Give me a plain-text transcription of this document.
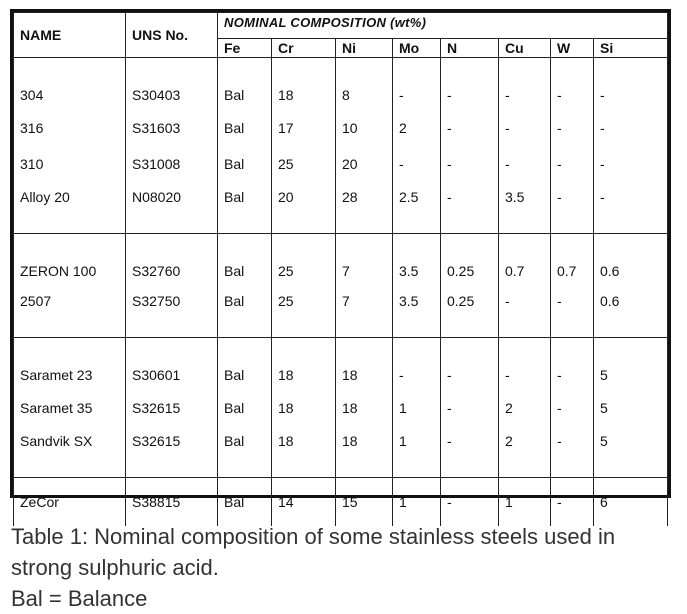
NAME	UNS No.	NOMINAL COMPOSITION (wt%)							
		Fe	Cr	Ni	Mo	N	Cu	W	Si
304	S30403	Bal	18	8	-	-	-	-	-
316	S31603	Bal	17	10	2	-	-	-	-
310	S31008	Bal	25	20	-	-	-	-	-
Alloy 20	N08020	Bal	20	28	2.5	-	3.5	-	-
ZERON 100	S32760	Bal	25	7	3.5	0.25	0.7	0.7	0.6
2507	S32750	Bal	25	7	3.5	0.25	-	-	0.6
Saramet 23	S30601	Bal	18	18	-	-	-	-	5
Saramet 35	S32615	Bal	18	18	1	-	2	-	5
Sandvik SX	S32615	Bal	18	18	1	-	2	-	5
ZeCor	S38815	Bal	14	15	1	-	1	-	6
Table 1: Nominal composition of some stainless steels used in
strong sulphuric acid.
Bal = Balance
